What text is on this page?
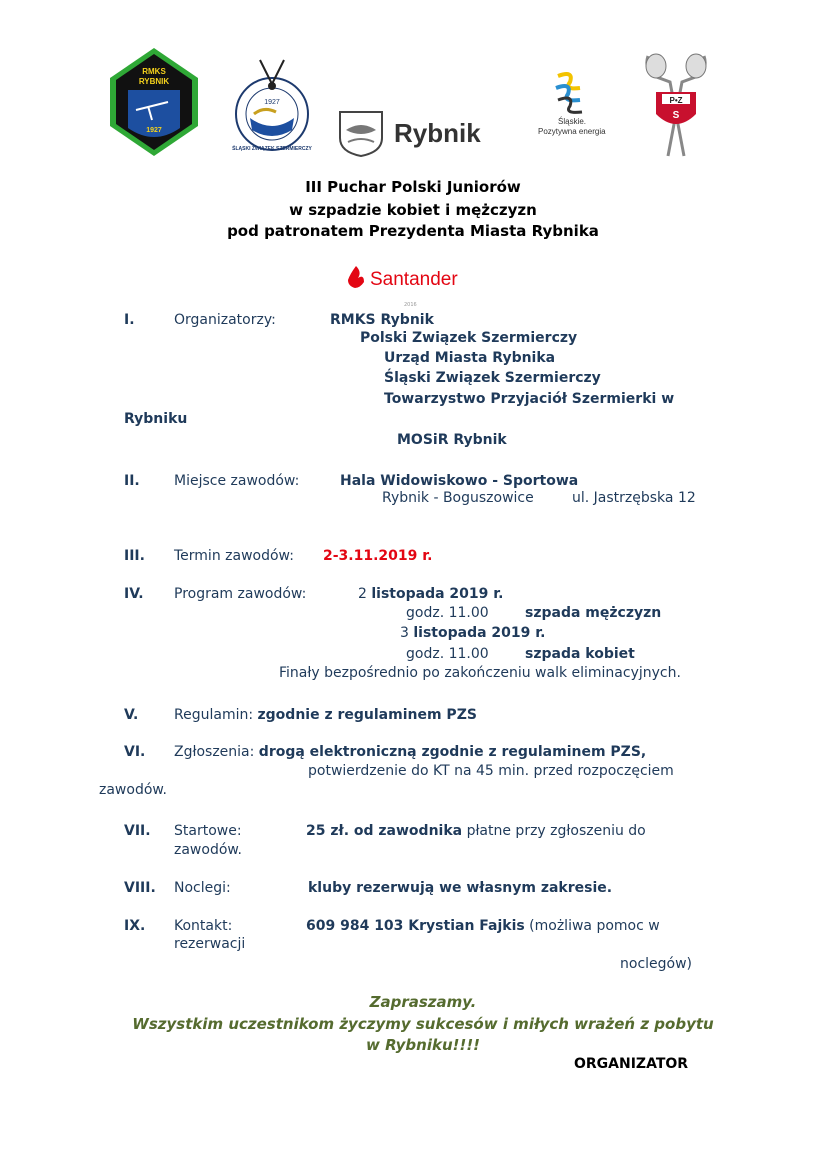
RMKS
RYBNIK
1927
1927
ŚLĄSKI ZWIĄZEK SZERMIERCZY
Rybnik	Śląskie.
Pozytywna energia
P•Z
S
III Puchar Polski Juniorów
w szpadzie kobiet i mężczyzn
pod patronatem Prezydenta Miasta Rybnika
Santander
2016
I.	Organizatorzy:	RMKS Rybnik
Polski Związek Szermierczy
Urząd Miasta Rybnika
Śląski Związek Szermierczy
Towarzystwo Przyjaciół Szermierki w
Rybniku
MOSiR Rybnik
II. Miejsce zawodów:	Hala Widowiskowo - Sportowa
Rybnik - Boguszowice	ul. Jastrzębska 12
III. Termin zawodów: 2-3.11.2019 r.
IV. Program zawodów:	2 listopada 2019 r.
godz. 11.00	szpada mężczyzn
3 listopada 2019 r.
godz. 11.00	szpada kobiet
Finały bezpośrednio po zakończeniu walk eliminacyjnych.
V.	Regulamin: zgodnie z regulaminem PZS
VI. Zgłoszenia: drogą elektroniczną zgodnie z regulaminem PZS,
potwierdzenie do KT na 45 min. przed rozpoczęciem
zawodów.
VII. Startowe:	25 zł. od zawodnika płatne przy zgłoszeniu do
zawodów.
VIII. Noclegi:	kluby rezerwują we własnym zakresie.
IX. Kontakt:	609 984 103 Krystian Fajkis (możliwa pomoc w
rezerwacji
noclegów)
Zapraszamy.
Wszystkim uczestnikom życzymy sukcesów i miłych wrażeń z pobytu
w Rybniku!!!!
ORGANIZATOR
